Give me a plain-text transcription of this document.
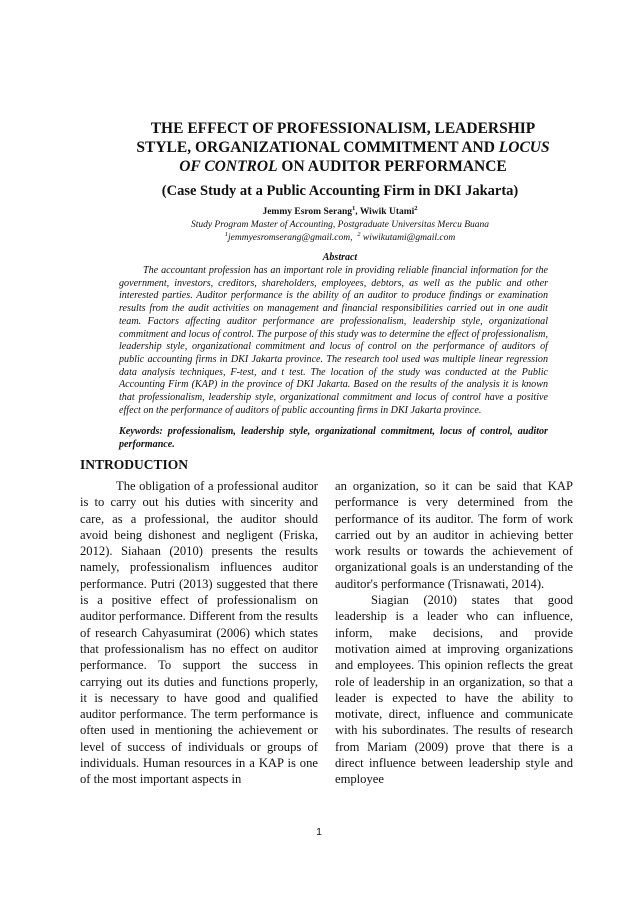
THE EFFECT OF PROFESSIONALISM, LEADERSHIP
STYLE, ORGANIZATIONAL COMMITMENT AND LOCUS
OF CONTROL ON AUDITOR PERFORMANCE
(Case Study at a Public Accounting Firm in DKI Jakarta)
Jemmy Esrom Serang$^1$, Wiwik Utami$^2$
Study Program Master of Accounting, Postgraduate Universitas Mercu Buana
$^1$jemmyesromserang@gmail.com, $^2$ wiwikutami@gmail.com
Abstract

The accountant profession has an important role in providing reliable financial information for the government, investors, creditors, shareholders, employees, debtors, as well as the public and other interested parties. Auditor performance is the ability of an auditor to produce findings or examination results from the audit activities on management and financial responsibilities carried out in one audit team. Factors affecting auditor performance are professionalism, leadership style, organizational commitment and locus of control. The purpose of this study was to determine the effect of professionalism, leadership style, organizational commitment and locus of control on the performance of auditors of public accounting firms in DKI Jakarta province. The research tool used was multiple linear regression data analysis techniques, F-test, and t test. The location of the study was conducted at the Public Accounting Firm (KAP) in the province of DKI Jakarta. Based on the results of the analysis it is known that professionalism, leadership style, organizational commitment and locus of control have a positive effect on the performance of auditors of public accounting firms in DKI Jakarta province.

Keywords: professionalism, leadership style, organizational commitment, locus of control, auditor performance.

INTRODUCTION

The obligation of a professional auditor is to carry out his duties with sincerity and care, as a professional, the auditor should avoid being dishonest and negligent (Friska, 2012). Siahaan (2010) presents the results namely, professionalism influences auditor performance. Putri (2013) suggested that there is a positive effect of professionalism on auditor performance. Different from the results of research Cahyasumirat (2006) which states that professionalism has no effect on auditor performance. To support the success in carrying out its duties and functions properly, it is necessary to have good and qualified auditor performance. The term performance is often used in mentioning the achievement or level of success of individuals or groups of individuals. Human resources in a KAP is one of the most important aspects in

an organization, so it can be said that KAP performance is very determined from the performance of its auditor. The form of work carried out by an auditor in achieving better work results or towards the achievement of organizational goals is an understanding of the auditor's performance (Trisnawati, 2014).
Siagian (2010) states that good leadership is a leader who can influence, inform, make decisions, and provide motivation aimed at improving organizations and employees. This opinion reflects the great role of leadership in an organization, so that a leader is expected to have the ability to motivate, direct, influence and communicate with his subordinates. The results of research from Mariam (2009) prove that there is a direct influence between leadership style and employee
1
